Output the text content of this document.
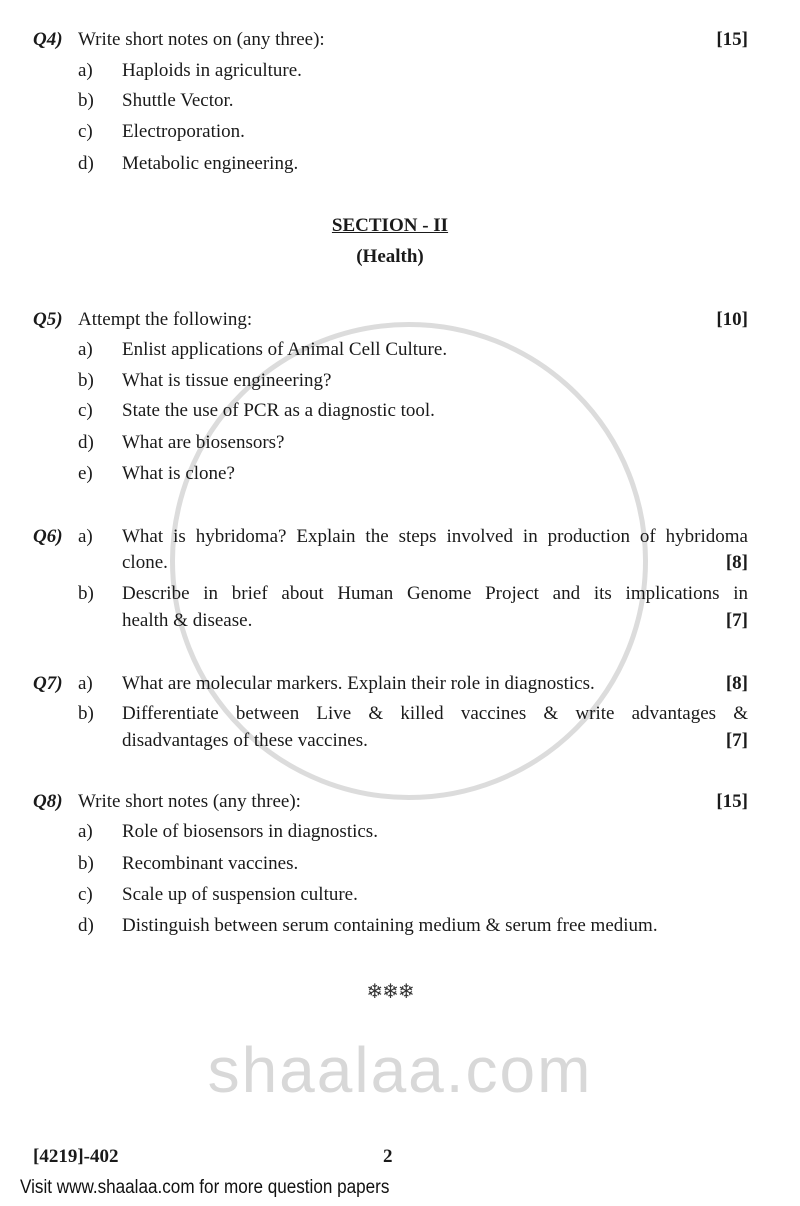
shaalaa.com
Q4) Write short notes on (any three):	[15]
a) Haploids in agriculture.
b) Shuttle Vector.
c) Electroporation.
d) Metabolic engineering.
SECTION - II
(Health)
Q5) Attempt the following:	[10]
a) Enlist applications of Animal Cell Culture.
b) What is tissue engineering?
c) State the use of PCR as a diagnostic tool.
d) What are biosensors?
e) What is clone?
Q6) a) What is hybridoma? Explain the steps involved in production of hybridoma
clone.	[8]
b) Describe in brief about Human Genome Project and its implications in
health & disease.	[7]
Q7) a) What are molecular markers. Explain their role in diagnostics.	[8]
b) Differentiate between Live & killed vaccines & write advantages &
disadvantages of these vaccines.	[7]
Q8) Write short notes (any three):	[15]
a) Role of biosensors in diagnostics.
b) Recombinant vaccines.
c) Scale up of suspension culture.
d) Distinguish between serum containing medium & serum free medium.
❄❄❄
[4219]-402	2
Visit www.shaalaa.com for more question papers
